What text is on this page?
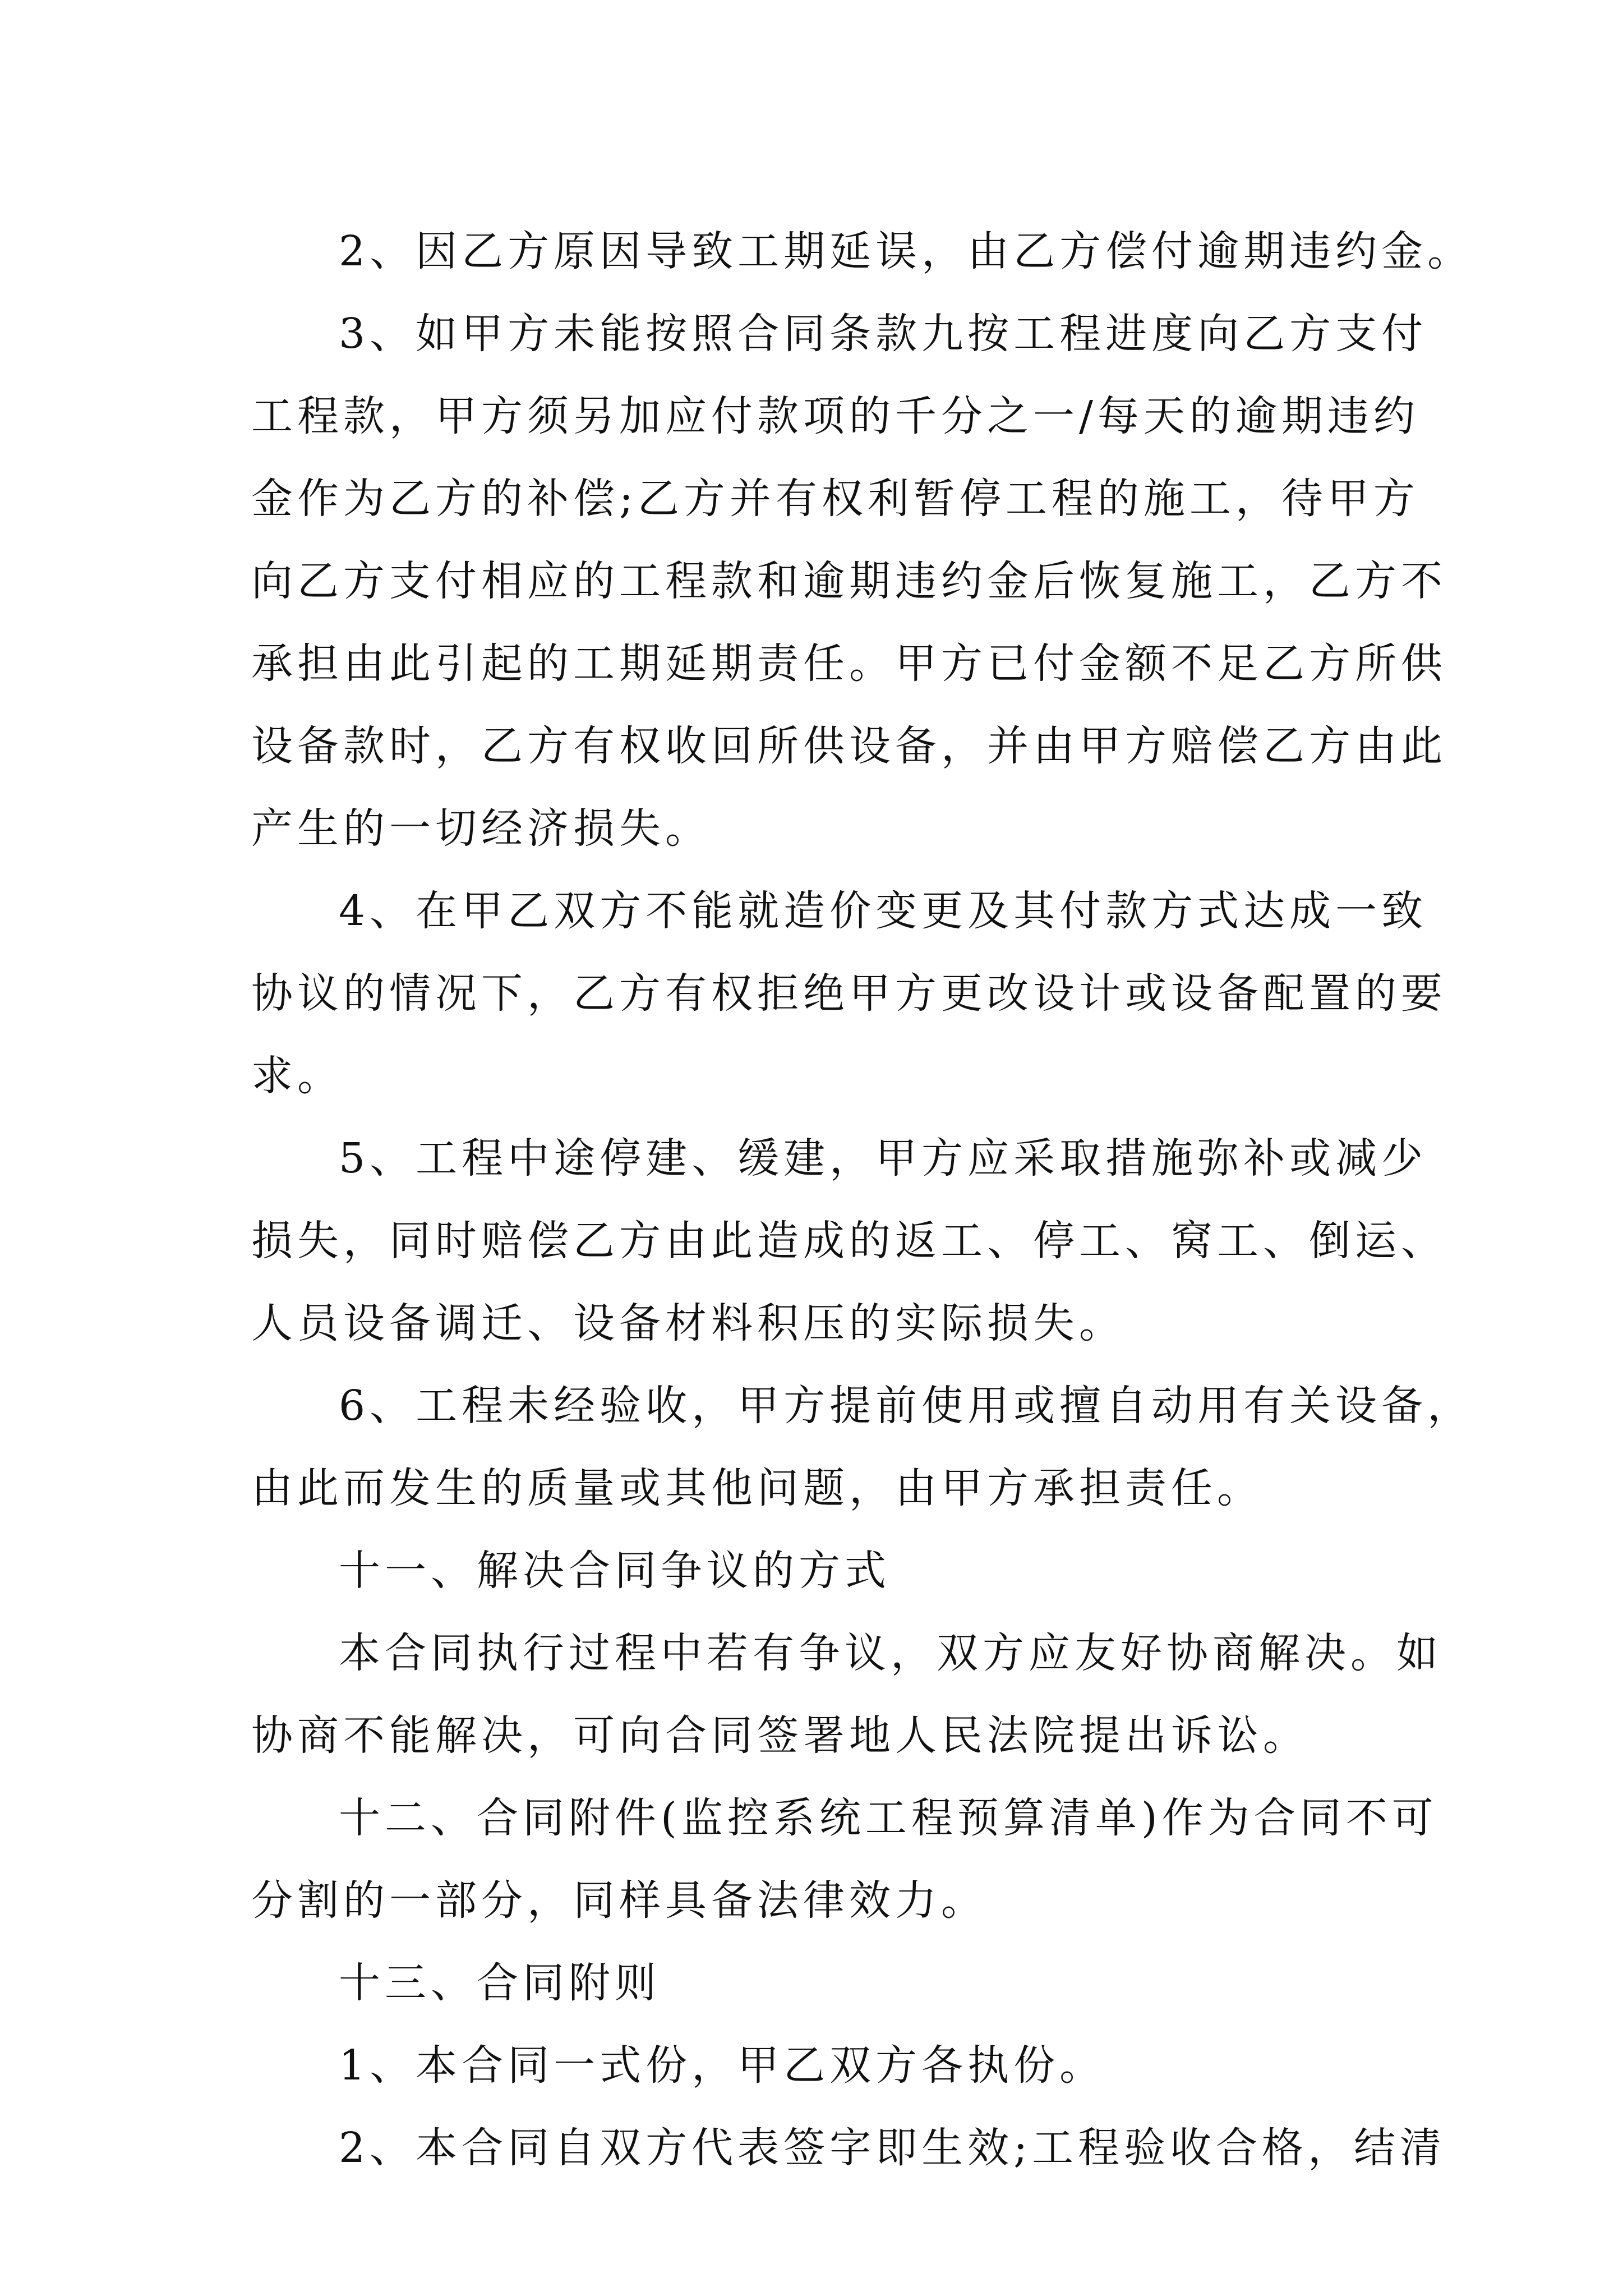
2、因乙方原因导致工期延误，由乙方偿付逾期违约金。
3、如甲方未能按照合同条款九按工程进度向乙方支付
工程款，甲方须另加应付款项的千分之一/每天的逾期违约
金作为乙方的补偿;乙方并有权利暂停工程的施工，待甲方
向乙方支付相应的工程款和逾期违约金后恢复施工，乙方不
承担由此引起的工期延期责任。甲方已付金额不足乙方所供
设备款时，乙方有权收回所供设备，并由甲方赔偿乙方由此
产生的一切经济损失。
4、在甲乙双方不能就造价变更及其付款方式达成一致
协议的情况下，乙方有权拒绝甲方更改设计或设备配置的要
求。
5、工程中途停建、缓建，甲方应采取措施弥补或减少
损失，同时赔偿乙方由此造成的返工、停工、窝工、倒运、
人员设备调迁、设备材料积压的实际损失。
6、工程未经验收，甲方提前使用或擅自动用有关设备，
由此而发生的质量或其他问题，由甲方承担责任。
十一、解决合同争议的方式
本合同执行过程中若有争议，双方应友好协商解决。如
协商不能解决，可向合同签署地人民法院提出诉讼。
十二、合同附件(监控系统工程预算清单)作为合同不可
分割的一部分，同样具备法律效力。
十三、合同附则
1、本合同一式份，甲乙双方各执份。
2、本合同自双方代表签字即生效;工程验收合格，结清
